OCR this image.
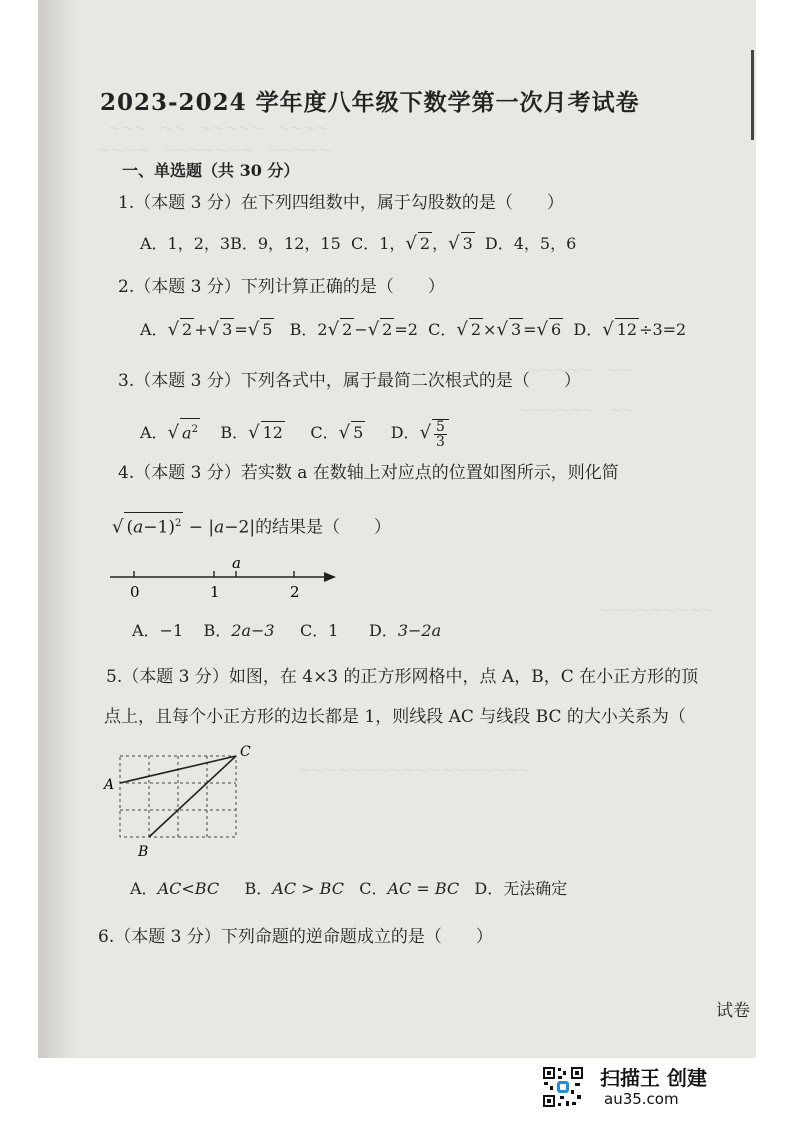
～～～　～～　～～～～～　～～～～
～～～～　～～～～～～～　～～～～～
～～～～～　～～
～～～～～～　～～
～～～～～～～～～
～～～～～～～～～～～～～～～～～～
2023-2024 学年度八年级下数学第一次月考试卷
一、单选题（共 30 分）
1.（本题 3 分）在下列四组数中，属于勾股数的是（　　）
A．1，2，3B．9，12，15 C．1，√ 2 ，√ 3 D．4，5，6
2.（本题 3 分）下列计算正确的是（　　）
A．√ 2 +√ 3 =√ 5 B．2√ 2 −√ 2 =2 C．√ 2 ×√ 3 =√ 6 D．√ 12 ÷3=2
3.（本题 3 分）下列各式中，属于最简二次根式的是（　　）
A．√ $a^2$ B．√ 12 C．√ 5 D．√ 5
3
4.（本题 3 分）若实数 a 在数轴上对应点的位置如图所示，则化简
√ $(a-1)^2 - |a-2|$的结果是（　　）
0	1	2
a
A．−1 B．2a−3 C．1 D．3−2a
5.（本题 3 分）如图，在 4×3 的正方形网格中，点 A，B，C 在小正方形的顶
点上，且每个小正方形的边长都是 1，则线段 AC 与线段 BC 的大小关系为（
A
B
C
A．AC<BC B．AC > BC C．AC = BC D．无法确定
6.（本题 3 分）下列命题的逆命题成立的是（　　）
试卷
扫描王 创建
au35.com
